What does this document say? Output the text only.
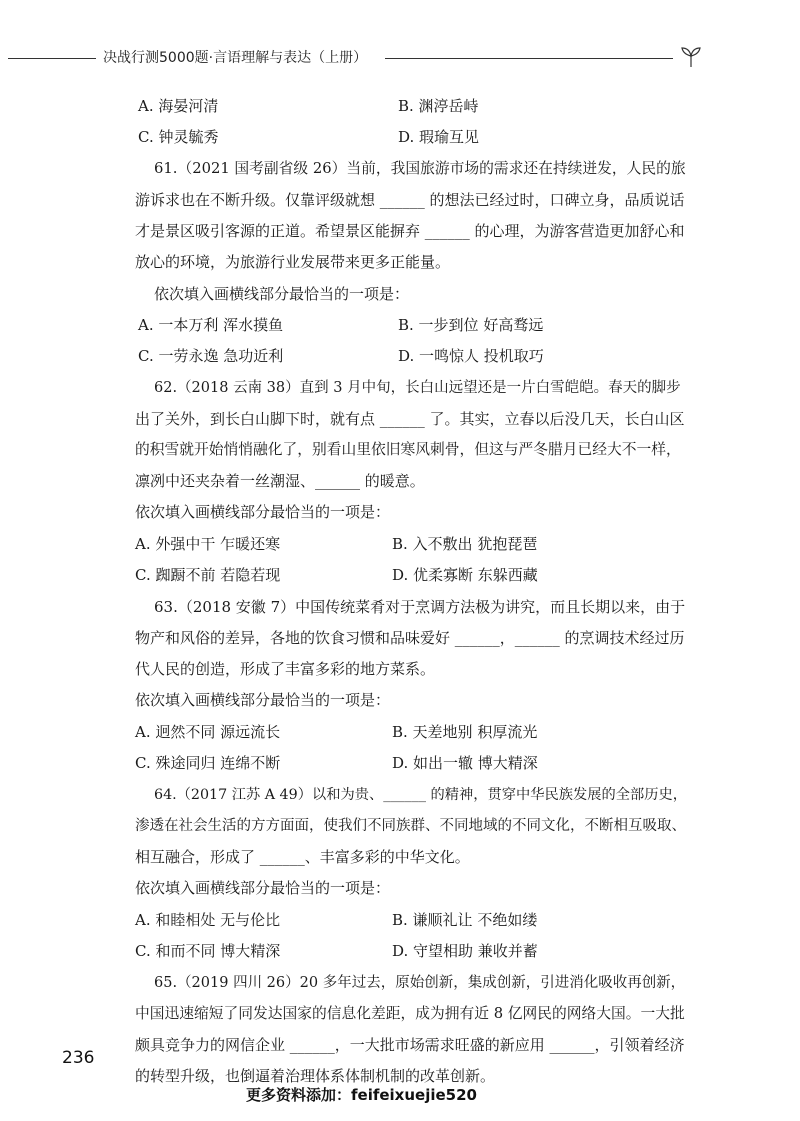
决战行测5000题·言语理解与表达（上册）
A. 海晏河清	B. 渊渟岳峙
C. 钟灵毓秀	D. 瑕瑜互见
61.（2021 国考副省级 26）当前，我国旅游市场的需求还在持续迸发，人民的旅
游诉求也在不断升级。仅靠评级就想 ______ 的想法已经过时，口碑立身，品质说话
才是景区吸引客源的正道。希望景区能摒弃 ______ 的心理，为游客营造更加舒心和
放心的环境，为旅游行业发展带来更多正能量。
依次填入画横线部分最恰当的一项是：
A. 一本万利 浑水摸鱼	B. 一步到位 好高骛远
C. 一劳永逸 急功近利	D. 一鸣惊人 投机取巧
62.（2018 云南 38）直到 3 月中旬，长白山远望还是一片白雪皑皑。春天的脚步
出了关外，到长白山脚下时，就有点 ______ 了。其实，立春以后没几天，长白山区
的积雪就开始悄悄融化了，别看山里依旧寒风刺骨，但这与严冬腊月已经大不一样，
凛冽中还夹杂着一丝潮湿、______ 的暖意。
依次填入画横线部分最恰当的一项是：
A. 外强中干 乍暖还寒	B. 入不敷出 犹抱琵琶
C. 踟蹰不前 若隐若现	D. 优柔寡断 东躲西藏
63.（2018 安徽 7）中国传统菜肴对于烹调方法极为讲究，而且长期以来，由于
物产和风俗的差异，各地的饮食习惯和品味爱好 ______，______ 的烹调技术经过历
代人民的创造，形成了丰富多彩的地方菜系。
依次填入画横线部分最恰当的一项是：
A. 迥然不同 源远流长	B. 天差地别 积厚流光
C. 殊途同归 连绵不断	D. 如出一辙 博大精深
64.（2017 江苏 A 49）以和为贵、______ 的精神，贯穿中华民族发展的全部历史，
渗透在社会生活的方方面面，使我们不同族群、不同地域的不同文化，不断相互吸取、
相互融合，形成了 ______、丰富多彩的中华文化。
依次填入画横线部分最恰当的一项是：
A. 和睦相处 无与伦比	B. 谦顺礼让 不绝如缕
C. 和而不同 博大精深	D. 守望相助 兼收并蓄
65.（2019 四川 26）20 多年过去，原始创新，集成创新，引进消化吸收再创新，
中国迅速缩短了同发达国家的信息化差距，成为拥有近 8 亿网民的网络大国。一大批
颇具竞争力的网信企业 ______，一大批市场需求旺盛的新应用 ______，引领着经济
的转型升级，也倒逼着治理体系体制机制的改革创新。
236
更多资料添加：feifeixuejie520
